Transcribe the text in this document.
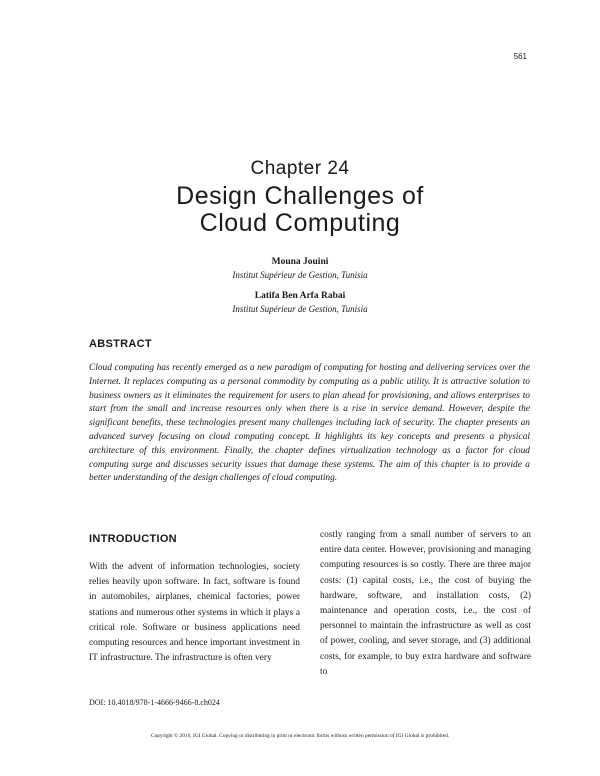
561
Chapter 24
Design Challenges of
Cloud Computing
Mouna Jouini
Institut Supérieur de Gestion, Tunisia
Latifa Ben Arfa Rabai
Institut Supérieur de Gestion, Tunisia
ABSTRACT
Cloud computing has recently emerged as a new paradigm of computing for hosting and delivering services over the Internet. It replaces computing as a personal commodity by computing as a public utility. It is attractive solution to business owners as it eliminates the requirement for users to plan ahead for provisioning, and allows enterprises to start from the small and increase resources only when there is a rise in service demand. However, despite the significant benefits, these technologies present many challenges including lack of security. The chapter presents an advanced survey focusing on cloud computing concept. It highlights its key concepts and presents a physical architecture of this environment. Finally, the chapter defines virtualization technology as a factor for cloud computing surge and discusses security issues that damage these systems. The aim of this chapter is to provide a better understanding of the design challenges of cloud computing.
INTRODUCTION
With the advent of information technologies, society relies heavily upon software. In fact, software is found in automobiles, airplanes, chemical factories, power stations and numerous other systems in which it plays a critical role. Software or business applications need computing resources and hence important investment in IT infrastructure. The infrastructure is often very
costly ranging from a small number of servers to an entire data center. However, provisioning and managing computing resources is so costly. There are three major costs: (1) capital costs, i.e., the cost of buying the hardware, software, and installation costs, (2) maintenance and operation costs, i.e., the cost of personnel to maintain the infrastructure as well as cost of power, cooling, and sever storage, and (3) additional costs, for example, to buy extra hardware and software to
DOI: 10.4018/978-1-4666-9466-8.ch024
Copyright © 2016, IGI Global. Copying or distributing in print or electronic forms without written permission of IGI Global is prohibited.
